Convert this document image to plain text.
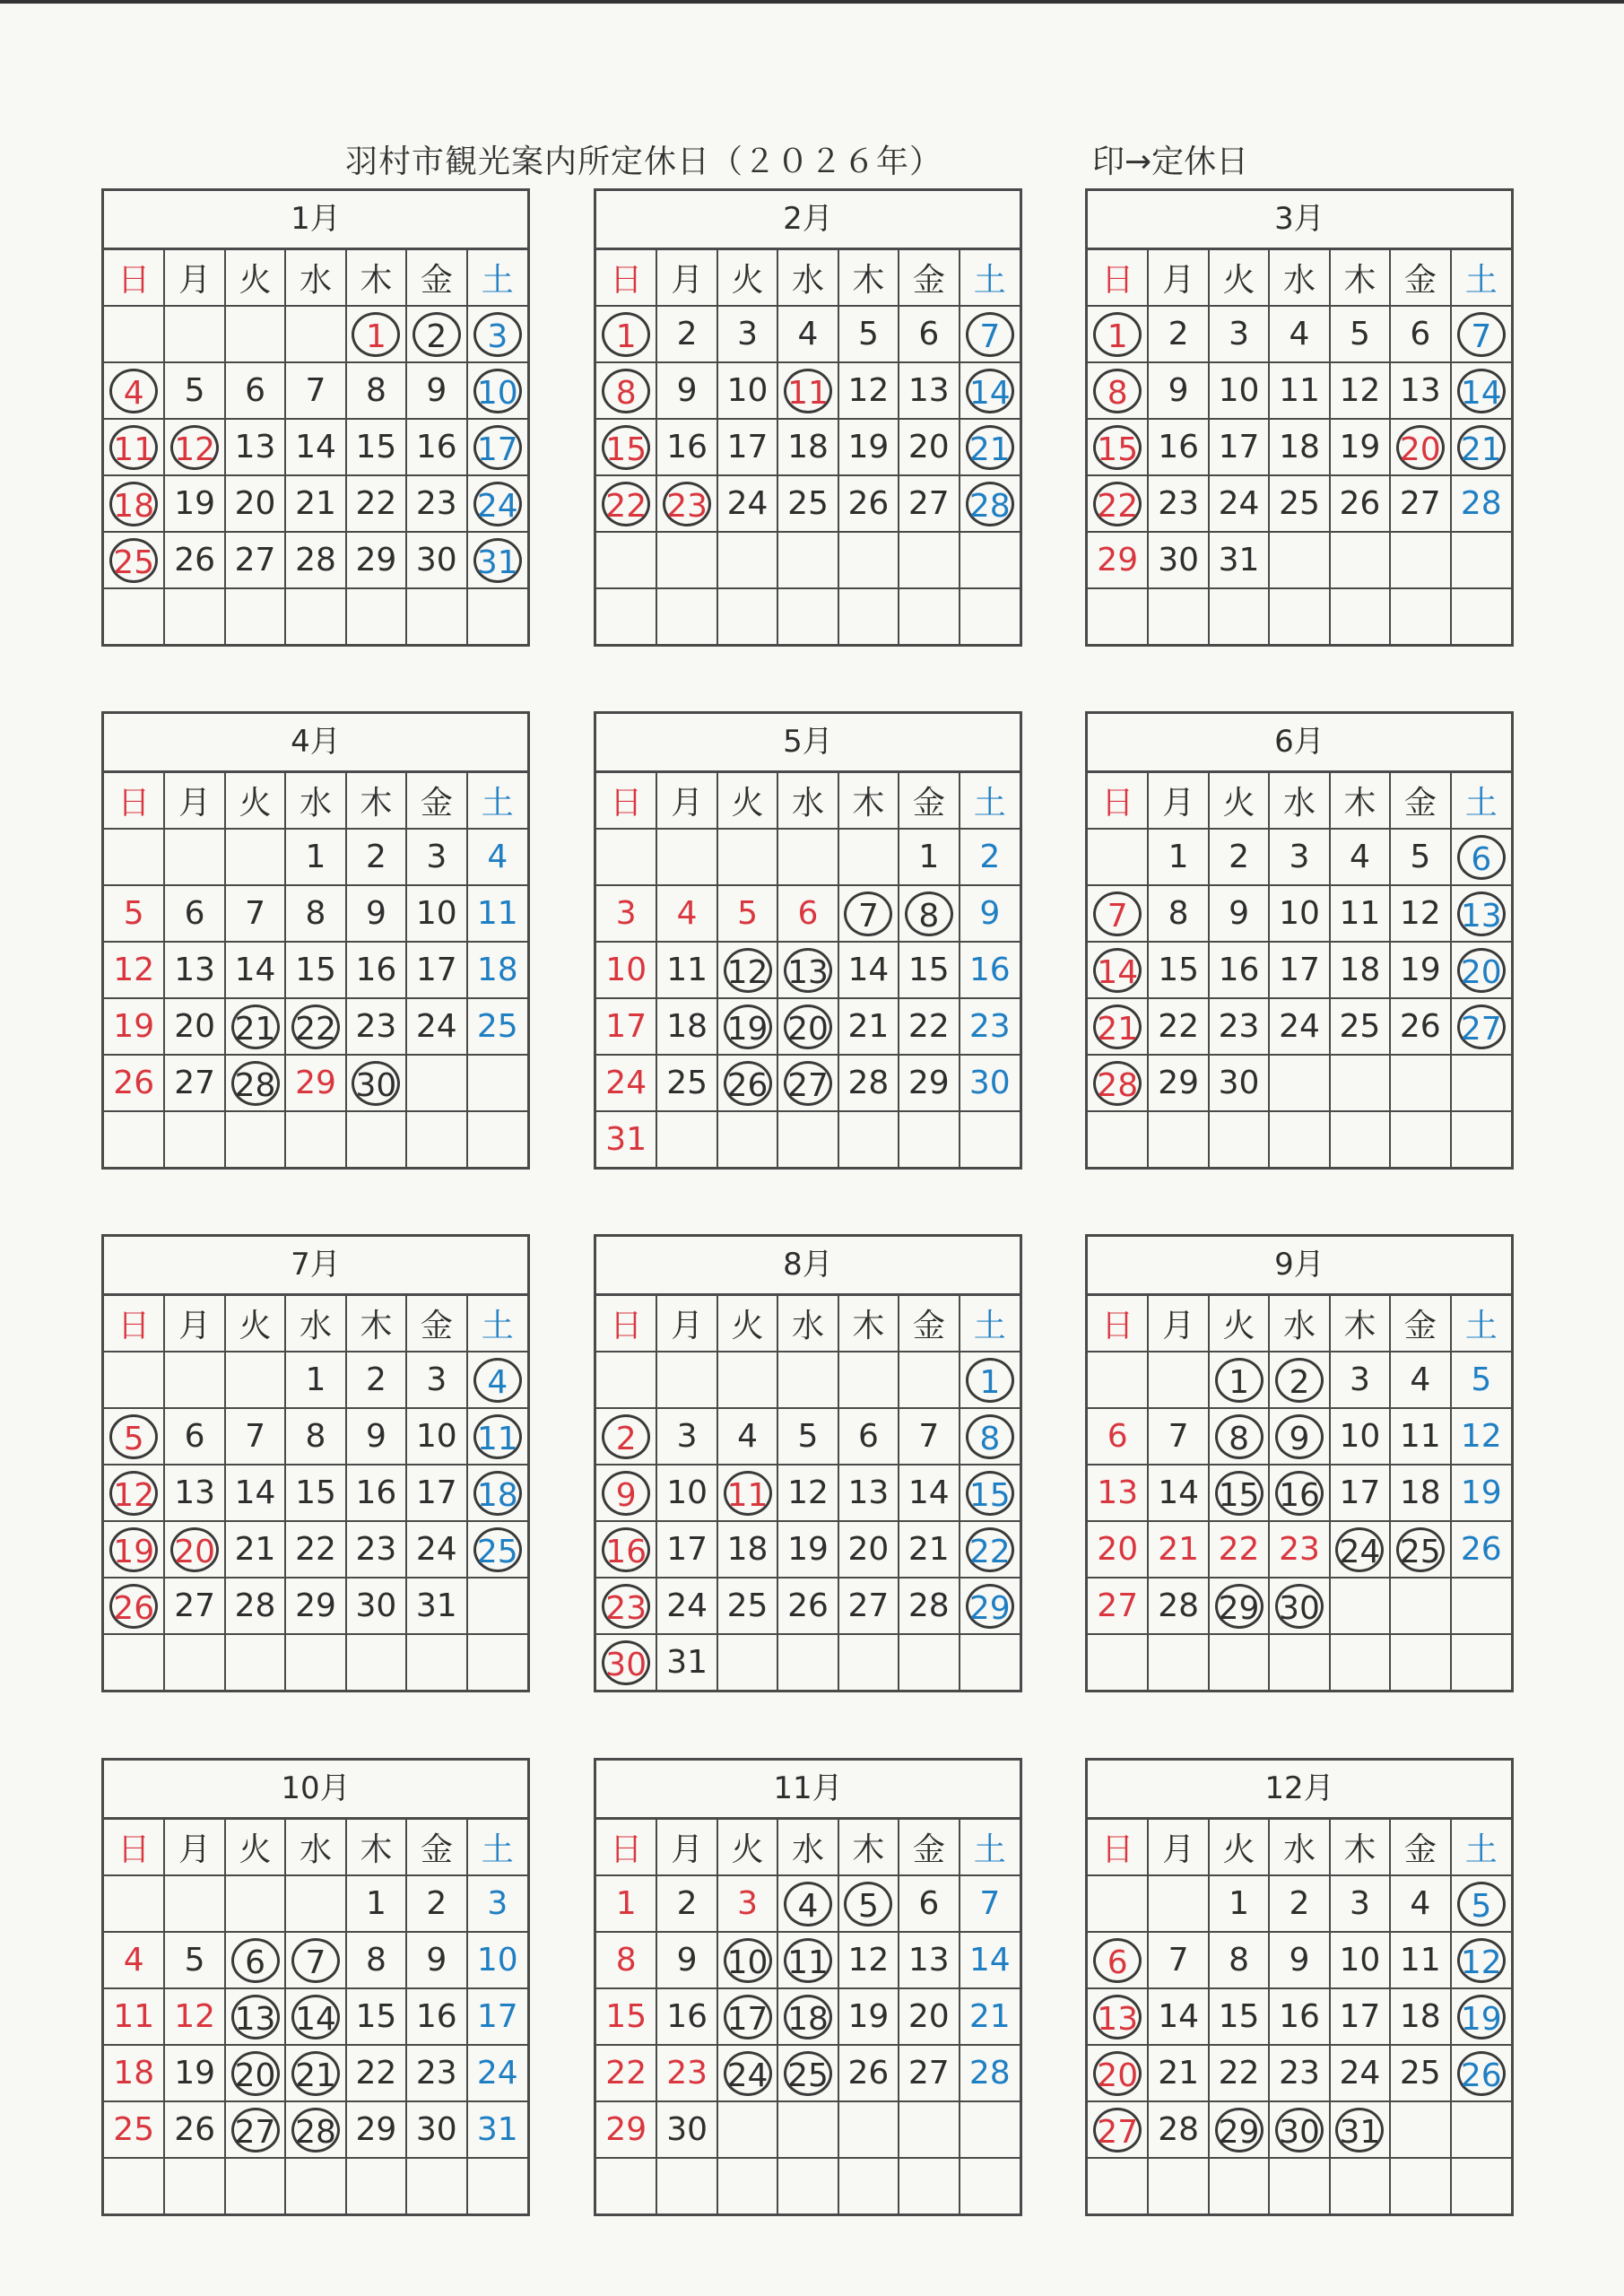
羽村市観光案内所定休日（２０２６年）	印→定休日
1月
日	月	火	水	木	金	土
				1	2	3
4	5	6	7	8	9	10
11	12	13	14	15	16	17
18	19	20	21	22	23	24
25	26	27	28	29	30	31

2月
日	月	火	水	木	金	土
1	2	3	4	5	6	7
8	9	10	11	12	13	14
15	16	17	18	19	20	21
22	23	24	25	26	27	28

3月
日	月	火	水	木	金	土
1	2	3	4	5	6	7
8	9	10	11	12	13	14
15	16	17	18	19	20	21
22	23	24	25	26	27	28
29	30	31				

4月
日	月	火	水	木	金	土
			1	2	3	4
5	6	7	8	9	10	11
12	13	14	15	16	17	18
19	20	21	22	23	24	25
26	27	28	29	30		

5月
日	月	火	水	木	金	土
					1	2
3	4	5	6	7	8	9
10	11	12	13	14	15	16
17	18	19	20	21	22	23
24	25	26	27	28	29	30
31						
6月
日	月	火	水	木	金	土
	1	2	3	4	5	6
7	8	9	10	11	12	13
14	15	16	17	18	19	20
21	22	23	24	25	26	27
28	29	30				

7月
日	月	火	水	木	金	土
			1	2	3	4
5	6	7	8	9	10	11
12	13	14	15	16	17	18
19	20	21	22	23	24	25
26	27	28	29	30	31	

8月
日	月	火	水	木	金	土
						1
2	3	4	5	6	7	8
9	10	11	12	13	14	15
16	17	18	19	20	21	22
23	24	25	26	27	28	29
30	31					
9月
日	月	火	水	木	金	土
		1	2	3	4	5
6	7	8	9	10	11	12
13	14	15	16	17	18	19
20	21	22	23	24	25	26
27	28	29	30			

10月
日	月	火	水	木	金	土
				1	2	3
4	5	6	7	8	9	10
11	12	13	14	15	16	17
18	19	20	21	22	23	24
25	26	27	28	29	30	31

11月
日	月	火	水	木	金	土
1	2	3	4	5	6	7
8	9	10	11	12	13	14
15	16	17	18	19	20	21
22	23	24	25	26	27	28
29	30					

12月
日	月	火	水	木	金	土
		1	2	3	4	5
6	7	8	9	10	11	12
13	14	15	16	17	18	19
20	21	22	23	24	25	26
27	28	29	30	31		
